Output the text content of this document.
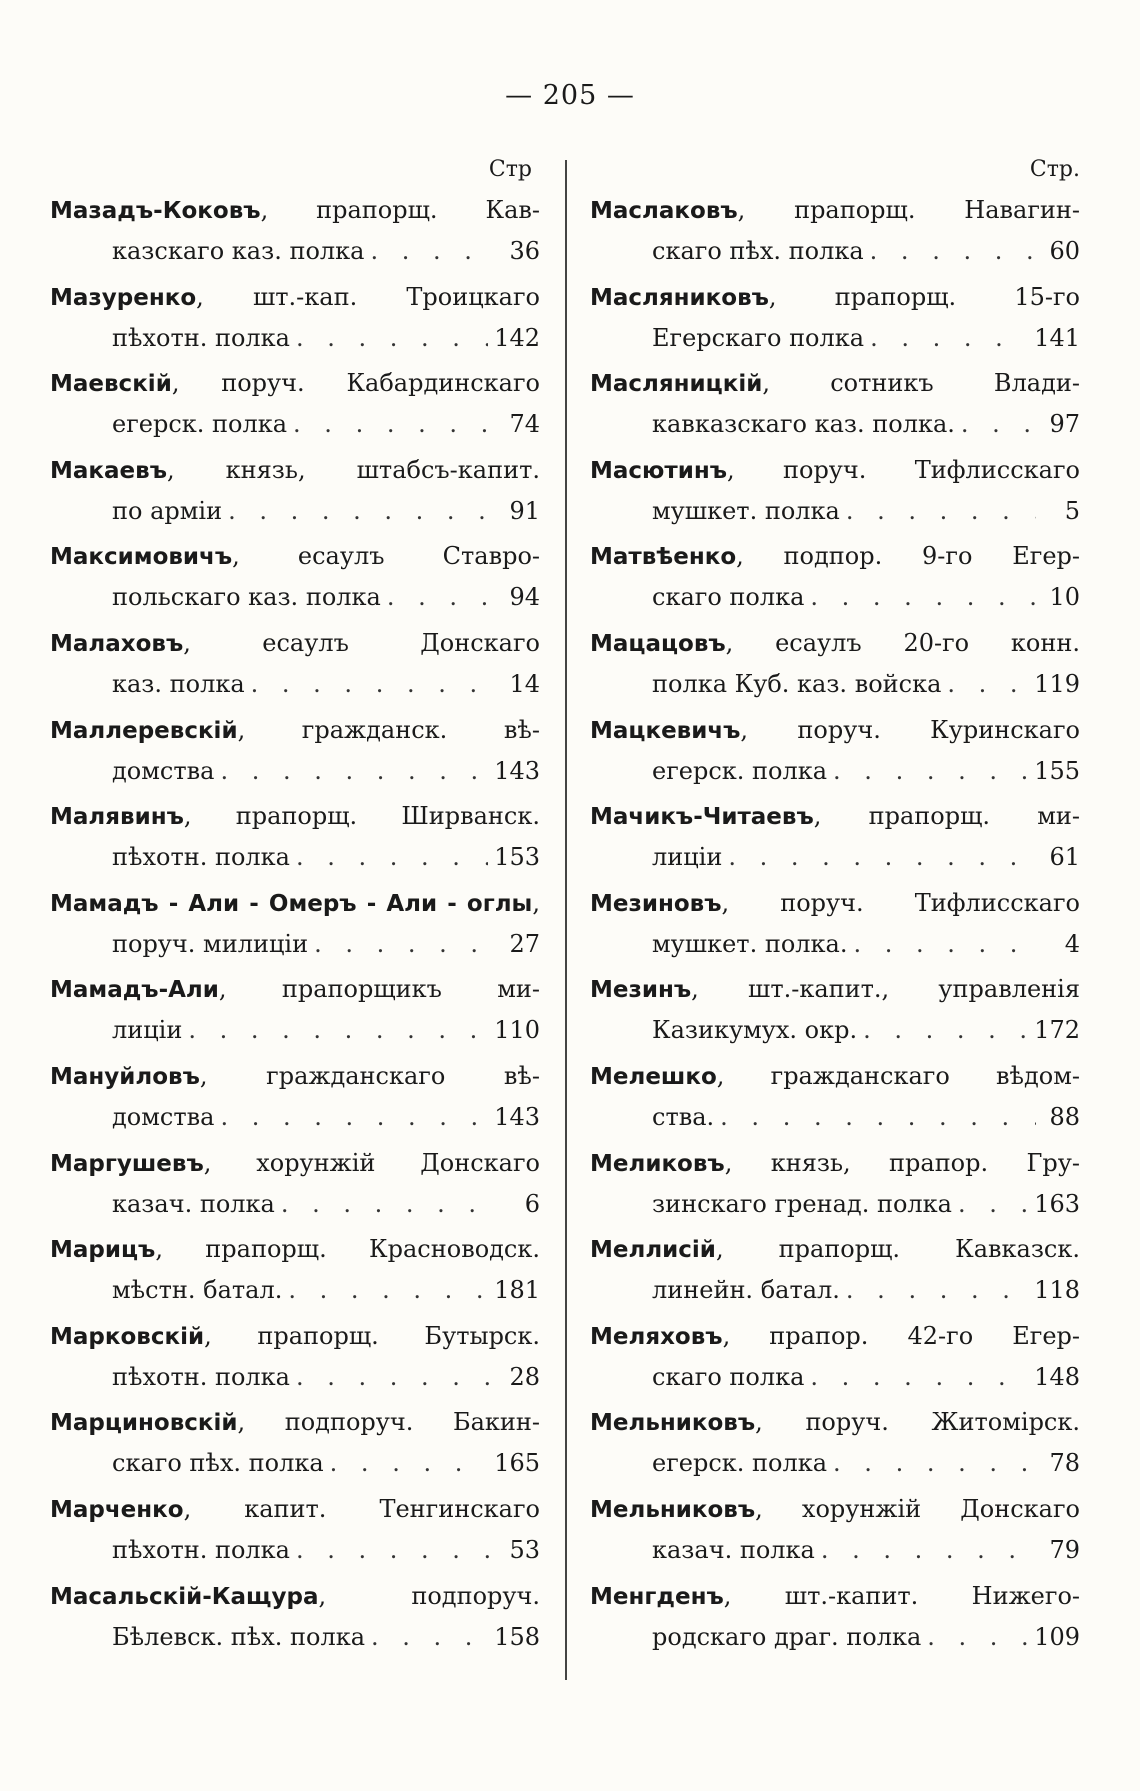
— 205 —
Стр
Мазадъ-Коковъ, прапорщ. Кав-
казскаго каз. полка . . .	36
Мазуренко, шт.-кап. Троицкаго
пѣхотн. полка . . .	142
Маевскій, поруч. Кабардинскаго
егерск. полка . . .	74
Макаевъ, князь, штабсъ-капит.
по арміи . . .	91
Максимовичъ, есаулъ Ставро-
польскаго каз. полка . . .	94
Малаховъ, есаулъ Донскаго
каз. полка . . .	14
Маллеревскій, гражданск. вѣ-
домства . . .	143
Малявинъ, прапорщ. Ширванск.
пѣхотн. полка . . .	153
Мамадъ - Али - Омеръ - Али - оглы,
поруч. милиціи . . .	27
Мамадъ-Али, прапорщикъ ми-
лиціи . . .	110
Мануйловъ, гражданскаго вѣ-
домства . . .	143
Маргушевъ, хорунжій Донскаго
казач. полка . . .	6
Марицъ, прапорщ. Красноводск.
мѣстн. батал. . . .	181
Марковскій, прапорщ. Бутырск.
пѣхотн. полка . . .	28
Марциновскій, подпоруч. Бакин-
скаго пѣх. полка . . .	165
Марченко, капит. Тенгинскаго
пѣхотн. полка . . .	53
Масальскій-Кащура, подпоруч.
Бѣлевск. пѣх. полка . . .	158
Стр.
Маслаковъ, прапорщ. Навагин-
скаго пѣх. полка . . .	60
Масляниковъ, прапорщ. 15-го
Егерскаго полка . . .	141
Масляницкій, сотникъ Влади-
кавказскаго каз. полка. . . .	97
Масютинъ, поруч. Тифлисскаго
мушкет. полка . . .	5
Матвѣенко, подпор. 9-го Егер-
скаго полка . . .	10
Мацацовъ, есаулъ 20-го конн.
полка Куб. каз. войска . . .	119
Мацкевичъ, поруч. Куринскаго
егерск. полка . . .	155
Мачикъ-Читаевъ, прапорщ. ми-
лиціи . . .	61
Мезиновъ, поруч. Тифлисскаго
мушкет. полка. . . .	4
Мезинъ, шт.-капит., управленія
Казикумух. окр. . . .	172
Мелешко, гражданскаго вѣдом-
ства. . . .	88
Меликовъ, князь, прапор. Гру-
зинскаго гренад. полка . . .	163
Меллисій, прапорщ. Кавказск.
линейн. батал. . . .	118
Меляховъ, прапор. 42-го Егер-
скаго полка . . .	148
Мельниковъ, поруч. Житомірск.
егерск. полка . . .	78
Мельниковъ, хорунжій Донскаго
казач. полка . . .	79
Менгденъ, шт.-капит. Нижего-
родскаго драг. полка . . .	109
